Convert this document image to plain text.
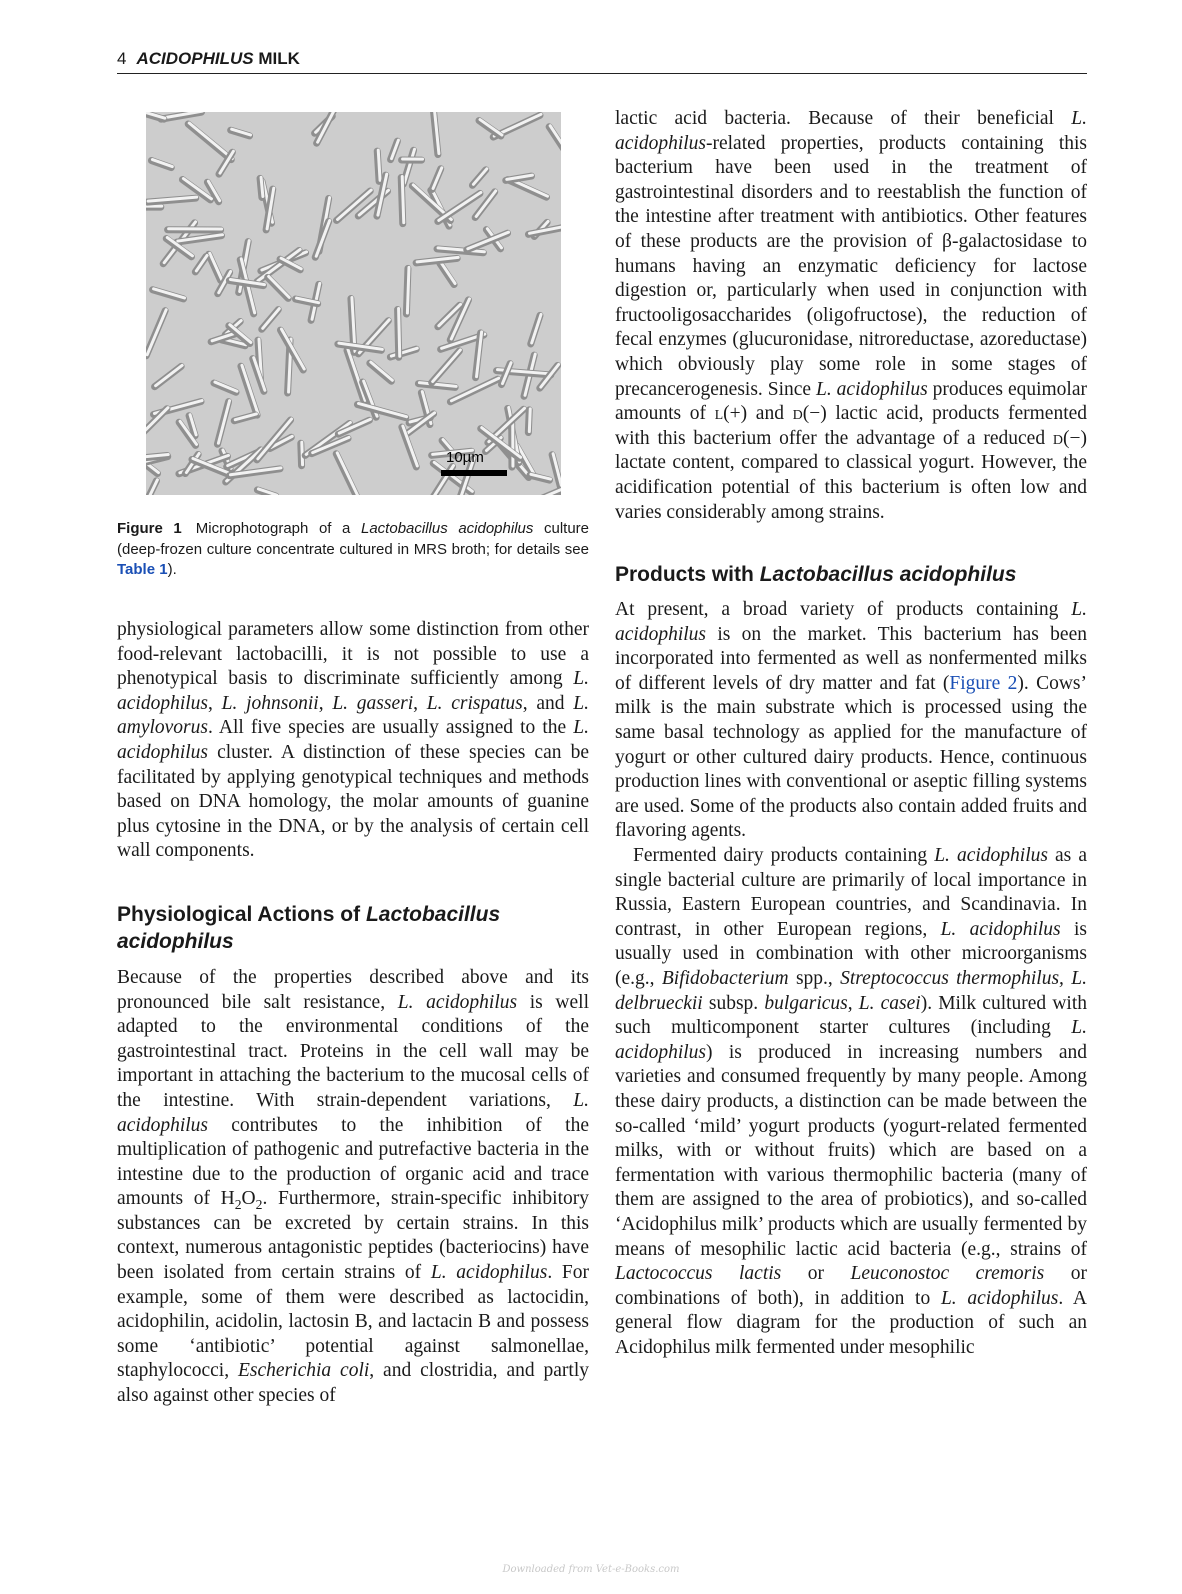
4 ACIDOPHILUS MILK
10µm
Figure 1 Microphotograph of a Lactobacillus acidophilus culture (deep-frozen culture concentrate cultured in MRS broth; for details see Table 1).

physiological parameters allow some distinction from other food-relevant lactobacilli, it is not possible to use a phenotypical basis to discriminate sufficiently among L. acidophilus, L. johnsonii, L. gasseri, L. crispatus, and L. amylovorus. All five species are usually assigned to the L. acidophilus cluster. A distinction of these species can be facilitated by applying genotypical techniques and methods based on DNA homology, the molar amounts of guanine plus cytosine in the DNA, or by the analysis of certain cell wall components.

Physiological Actions of Lactobacillus acidophilus

Because of the properties described above and its pronounced bile salt resistance, L. acidophilus is well adapted to the environmental conditions of the gastrointestinal tract. Proteins in the cell wall may be important in attaching the bacterium to the mucosal cells of the intestine. With strain-dependent variations, L. acidophilus contributes to the inhibition of the multiplication of pathogenic and putrefactive bacteria in the intestine due to the production of organic acid and trace amounts of $H_2O_2$. Furthermore, strain-specific inhibitory substances can be excreted by certain strains. In this context, numerous antagonistic peptides (bacteriocins) have been isolated from certain strains of L. acidophilus. For example, some of them were described as lactocidin, acidophilin, acidolin, lactosin B, and lactacin B and possess some ‘antibiotic’ potential against salmonellae, staphylococci, Escherichia coli, and clostridia, and partly also against other species of

lactic acid bacteria. Because of their beneficial L. acidophilus-related properties, products containing this bacterium have been used in the treatment of gastrointestinal disorders and to reestablish the function of the intestine after treatment with antibiotics. Other features of these products are the provision of β-galactosidase to humans having an enzymatic deficiency for lactose digestion or, particularly when used in conjunction with fructooligosaccharides (oligofructose), the reduction of fecal enzymes (glucuronidase, nitroreductase, azoreductase) which obviously play some role in some stages of precancerogenesis. Since L. acidophilus produces equimolar amounts of l(+) and d(−) lactic acid, products fermented with this bacterium offer the advantage of a reduced d(−) lactate content, compared to classical yogurt. However, the acidification potential of this bacterium is often low and varies considerably among strains.

Products with Lactobacillus acidophilus

At present, a broad variety of products containing L. acidophilus is on the market. This bacterium has been incorporated into fermented as well as nonfermented milks of different levels of dry matter and fat (Figure 2). Cows’ milk is the main substrate which is processed using the same basal technology as applied for the manufacture of yogurt or other cultured dairy products. Hence, continuous production lines with conventional or aseptic filling systems are used. Some of the products also contain added fruits and flavoring agents.

Fermented dairy products containing L. acidophilus as a single bacterial culture are primarily of local importance in Russia, Eastern European countries, and Scandinavia. In contrast, in other European regions, L. acidophilus is usually used in combination with other microorganisms (e.g., Bifidobacterium spp., Streptococcus thermophilus, L. delbrueckii subsp. bulgaricus, L. casei). Milk cultured with such multicomponent starter cultures (including L. acidophilus) is produced in increasing numbers and varieties and consumed frequently by many people. Among these dairy products, a distinction can be made between the so-called ‘mild’ yogurt products (yogurt-related fermented milks, with or without fruits) which are based on a fermentation with various thermophilic bacteria (many of them are assigned to the area of probiotics), and so-called ‘Acidophilus milk’ products which are usually fermented by means of mesophilic lactic acid bacteria (e.g., strains of Lactococcus lactis or Leuconostoc cremoris or combinations of both), in addition to L. acidophilus. A general flow diagram for the production of such an Acidophilus milk fermented under mesophilic

Downloaded from Vet-e-Books.com
